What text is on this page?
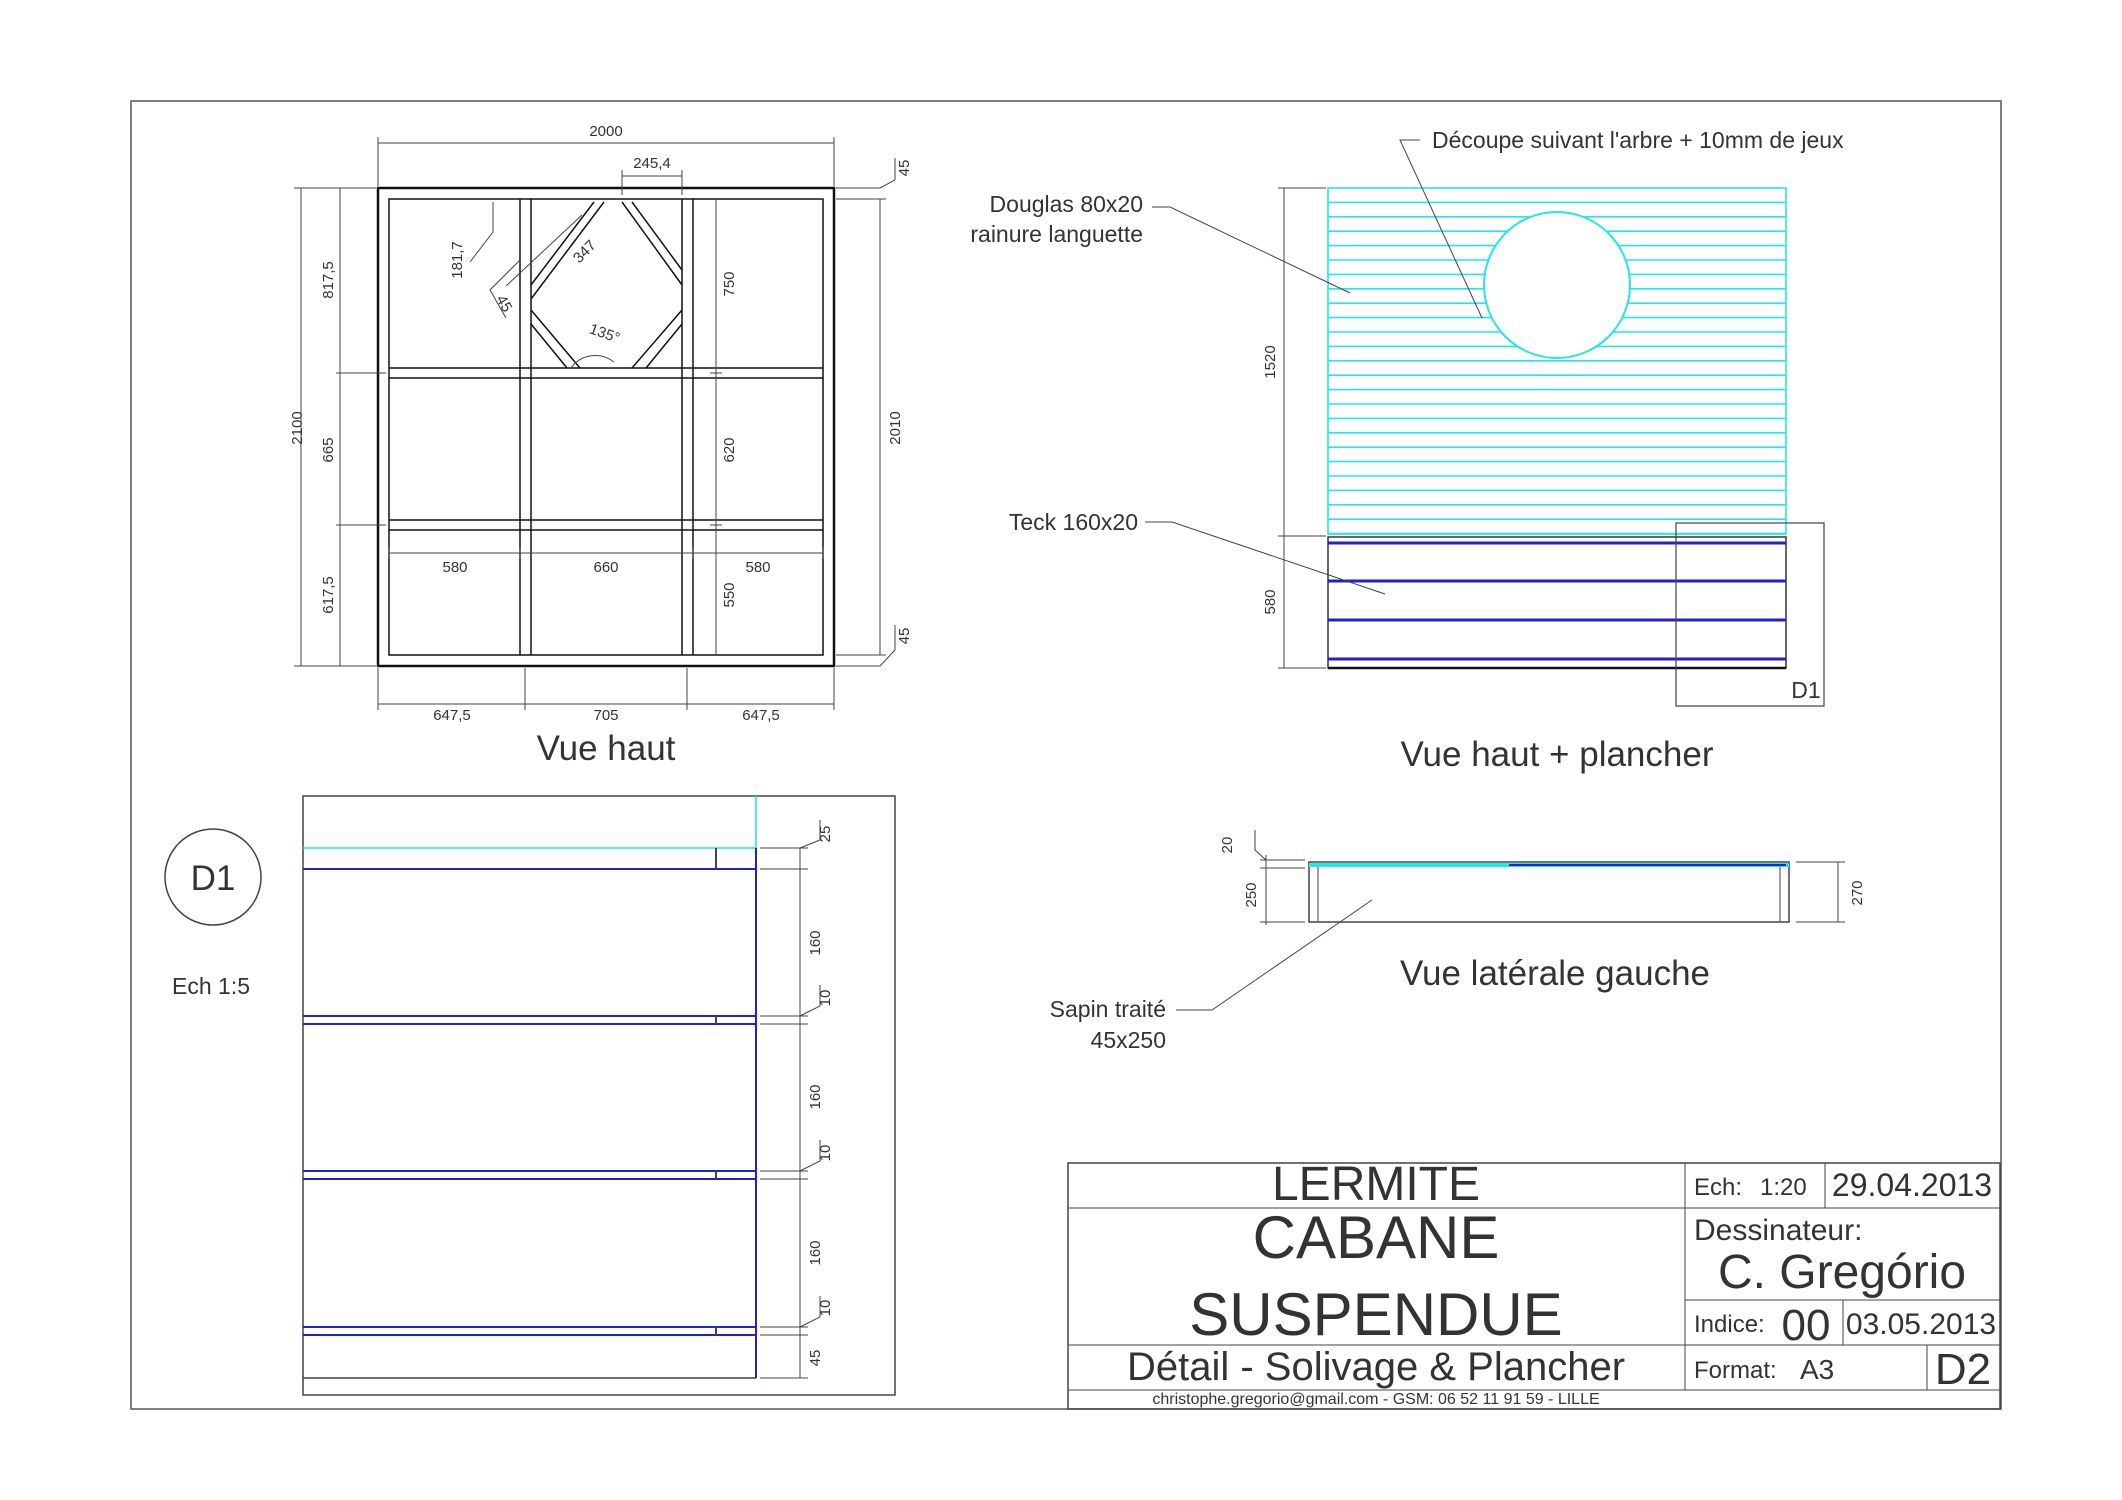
2000
245,4	45
45
2100	2010
817,5
665
617,5
181,7
45
347
135°
750
620
550
580	660	580
647,5	705	647,5
Vue haut
D1
1520
580
Découpe suivant l'arbre + 10mm de jeux
Douglas 80x20
rainure languette
Teck 160x20
Vue haut + plancher
20
250	270
Sapin traité
45x250
Vue latérale gauche
D1
Ech 1:5
25
160
10
160
10
160
10
45
LERMITE
CABANE
SUSPENDUE
Détail - Solivage & Plancher
Ech: 1:20 29.04.2013
Dessinateur:
C. Gregório
Indice: 00 03.05.2013
Format: A3 D2
christophe.gregorio@gmail.com - GSM: 06 52 11 91 59 - LILLE
